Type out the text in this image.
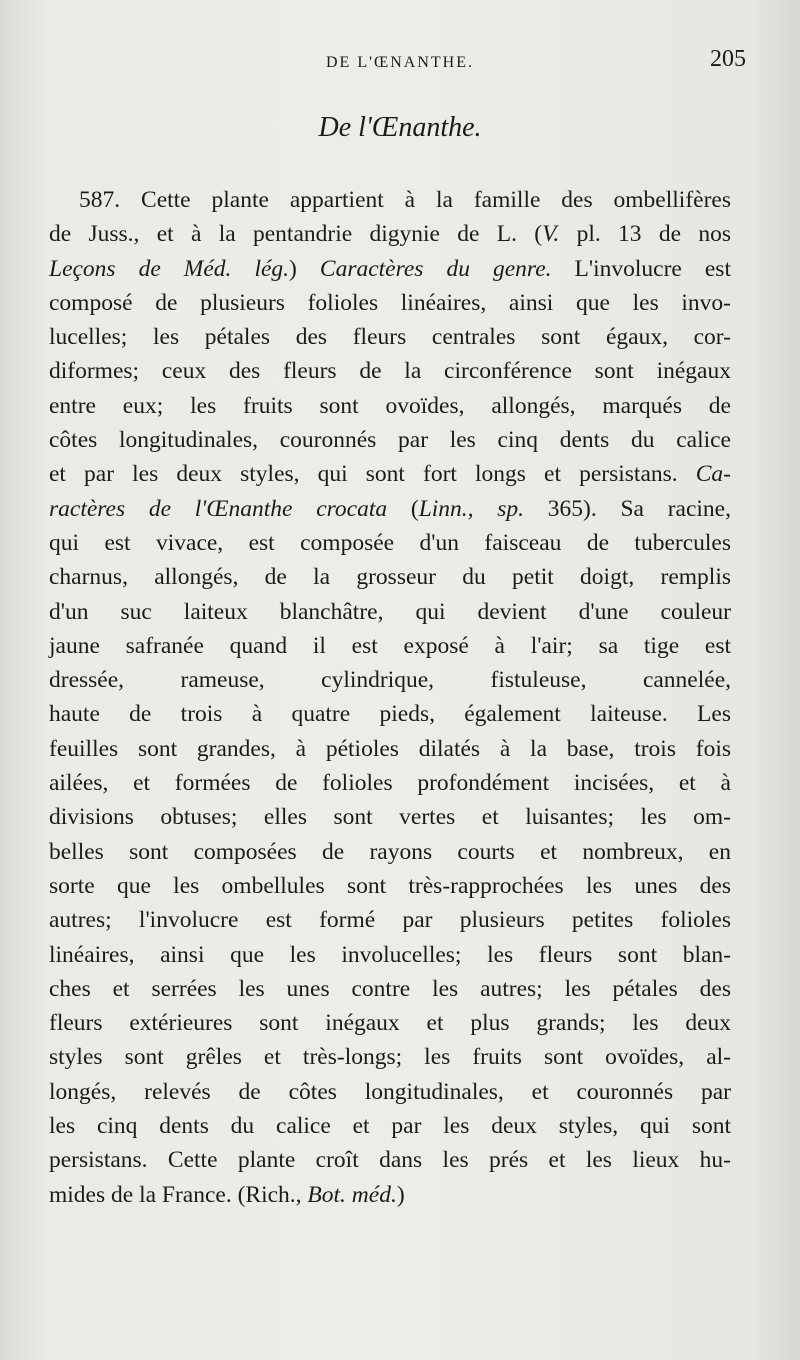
DE L'ŒNANTHE.	205
De l'Œnanthe.
587. Cette plante appartient à la famille des ombellifères
de Juss., et à la pentandrie digynie de L. (V. pl. 13 de nos
Leçons de Méd. lég.) Caractères du genre. L'involucre est
composé de plusieurs folioles linéaires, ainsi que les invo-
lucelles; les pétales des fleurs centrales sont égaux, cor-
diformes; ceux des fleurs de la circonférence sont inégaux
entre eux; les fruits sont ovoïdes, allongés, marqués de
côtes longitudinales, couronnés par les cinq dents du calice
et par les deux styles, qui sont fort longs et persistans. Ca-
ractères de l'Œnanthe crocata (Linn., sp. 365). Sa racine,
qui est vivace, est composée d'un faisceau de tubercules
charnus, allongés, de la grosseur du petit doigt, remplis
d'un suc laiteux blanchâtre, qui devient d'une couleur
jaune safranée quand il est exposé à l'air; sa tige est
dressée, rameuse, cylindrique, fistuleuse, cannelée,
haute de trois à quatre pieds, également laiteuse. Les
feuilles sont grandes, à pétioles dilatés à la base, trois fois
ailées, et formées de folioles profondément incisées, et à
divisions obtuses; elles sont vertes et luisantes; les om-
belles sont composées de rayons courts et nombreux, en
sorte que les ombellules sont très-rapprochées les unes des
autres; l'involucre est formé par plusieurs petites folioles
linéaires, ainsi que les involucelles; les fleurs sont blan-
ches et serrées les unes contre les autres; les pétales des
fleurs extérieures sont inégaux et plus grands; les deux
styles sont grêles et très-longs; les fruits sont ovoïdes, al-
longés, relevés de côtes longitudinales, et couronnés par
les cinq dents du calice et par les deux styles, qui sont
persistans. Cette plante croît dans les prés et les lieux hu-
mides de la France. (Rich., Bot. méd.)
